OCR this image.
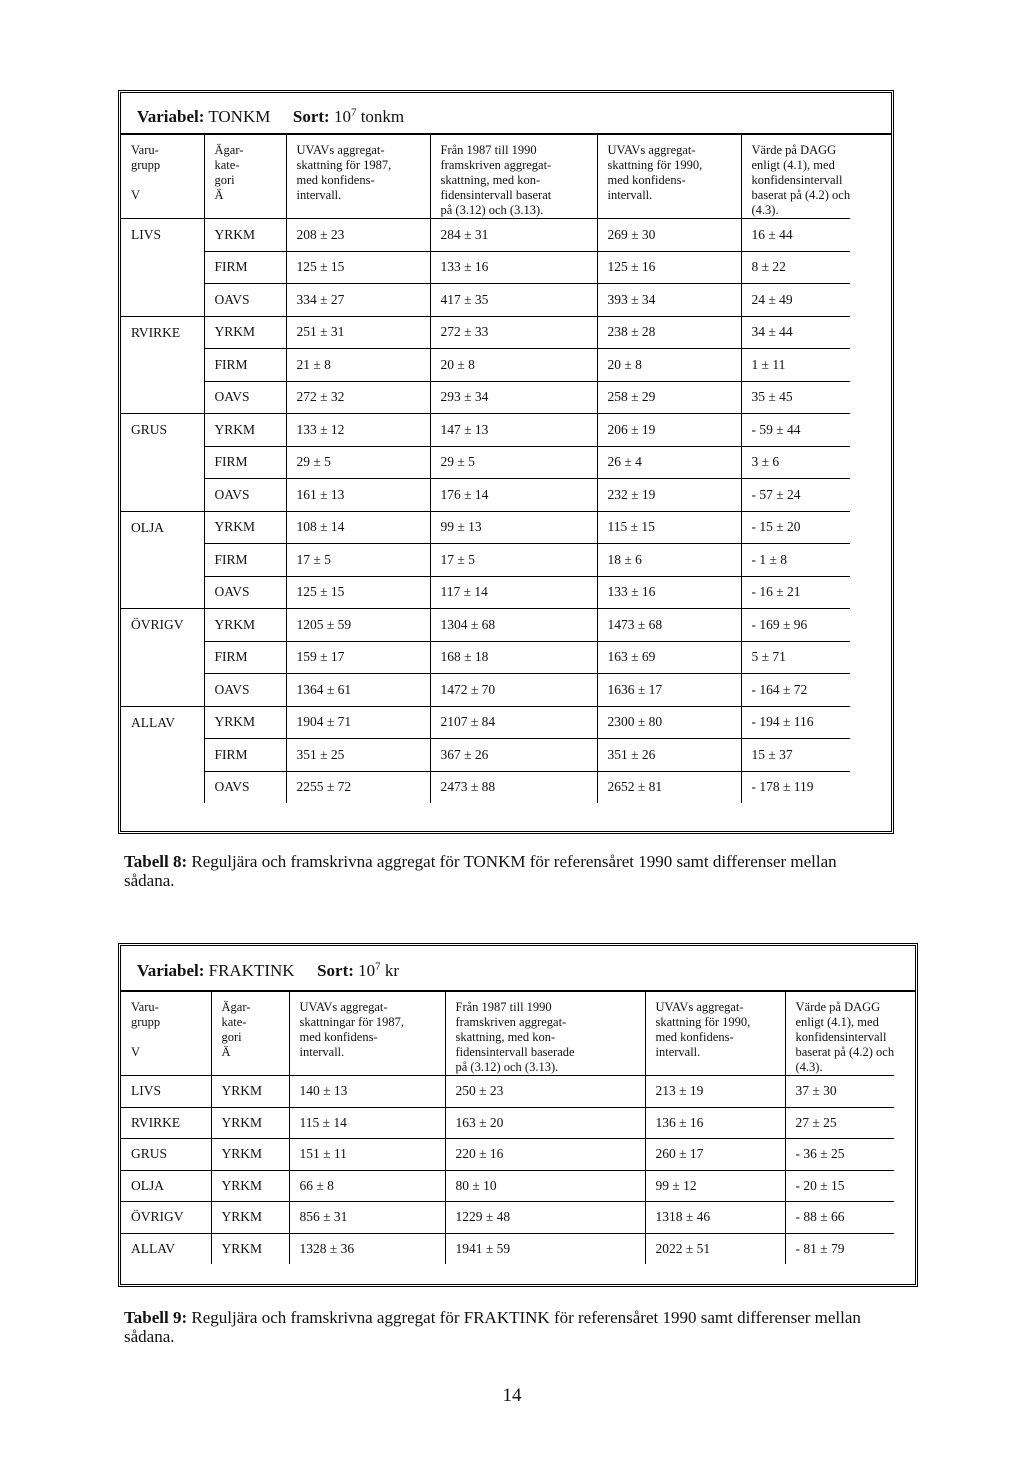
Variabel: TONKM Sort: $10^7$ tonkm
Varu-
grupp

V	Ägar-
kate-
gori
Ä	UVAVs aggregat-
skattning för 1987,
med konfidens-
intervall.	Från 1987 till 1990
framskriven aggregat-
skattning, med kon-
fidensintervall baserat
på (3.12) och (3.13).	UVAVs aggregat-
skattning för 1990,
med konfidens-
intervall.	Värde på DAGG
enligt (4.1), med
konfidensintervall
baserat på (4.2) och
(4.3).
LIVS	YRKM	208 ± 23	284 ± 31	269 ± 30	16 ± 44
	FIRM	125 ± 15	133 ± 16	125 ± 16	8 ± 22
	OAVS	334 ± 27	417 ± 35	393 ± 34	24 ± 49
RVIRKE	YRKM	251 ± 31	272 ± 33	238 ± 28	34 ± 44
	FIRM	21 ± 8	20 ± 8	20 ± 8	1 ± 11
	OAVS	272 ± 32	293 ± 34	258 ± 29	35 ± 45
GRUS	YRKM	133 ± 12	147 ± 13	206 ± 19	- 59 ± 44
	FIRM	29 ± 5	29 ± 5	26 ± 4	3 ± 6
	OAVS	161 ± 13	176 ± 14	232 ± 19	- 57 ± 24
OLJA	YRKM	108 ± 14	99 ± 13	115 ± 15	- 15 ± 20
	FIRM	17 ± 5	17 ± 5	18 ± 6	- 1 ± 8
	OAVS	125 ± 15	117 ± 14	133 ± 16	- 16 ± 21
ÖVRIGV	YRKM	1205 ± 59	1304 ± 68	1473 ± 68	- 169 ± 96
	FIRM	159 ± 17	168 ± 18	163 ± 69	5 ± 71
	OAVS	1364 ± 61	1472 ± 70	1636 ± 17	- 164 ± 72
ALLAV	YRKM	1904 ± 71	2107 ± 84	2300 ± 80	- 194 ± 116
	FIRM	351 ± 25	367 ± 26	351 ± 26	15 ± 37
	OAVS	2255 ± 72	2473 ± 88	2652 ± 81	- 178 ± 119
Tabell 8: Reguljära och framskrivna aggregat för TONKM för referensåret 1990 samt differenser mellan sådana.
Variabel: FRAKTINK Sort: $10^7$ kr
Varu-
grupp

V	Ägar-
kate-
gori
Ä	UVAVs aggregat-
skattningar för 1987,
med konfidens-
intervall.	Från 1987 till 1990
framskriven aggregat-
skattning, med kon-
fidensintervall baserade
på (3.12) och (3.13).	UVAVs aggregat-
skattning för 1990,
med konfidens-
intervall.	Värde på DAGG
enligt (4.1), med
konfidensintervall
baserat på (4.2) och
(4.3).
LIVS	YRKM	140 ± 13	250 ± 23	213 ± 19	37 ± 30
RVIRKE	YRKM	115 ± 14	163 ± 20	136 ± 16	27 ± 25
GRUS	YRKM	151 ± 11	220 ± 16	260 ± 17	- 36 ± 25
OLJA	YRKM	66 ± 8	80 ± 10	99 ± 12	- 20 ± 15
ÖVRIGV	YRKM	856 ± 31	1229 ± 48	1318 ± 46	- 88 ± 66
ALLAV	YRKM	1328 ± 36	1941 ± 59	2022 ± 51	- 81 ± 79
Tabell 9: Reguljära och framskrivna aggregat för FRAKTINK för referensåret 1990 samt differenser mellan sådana.
14
